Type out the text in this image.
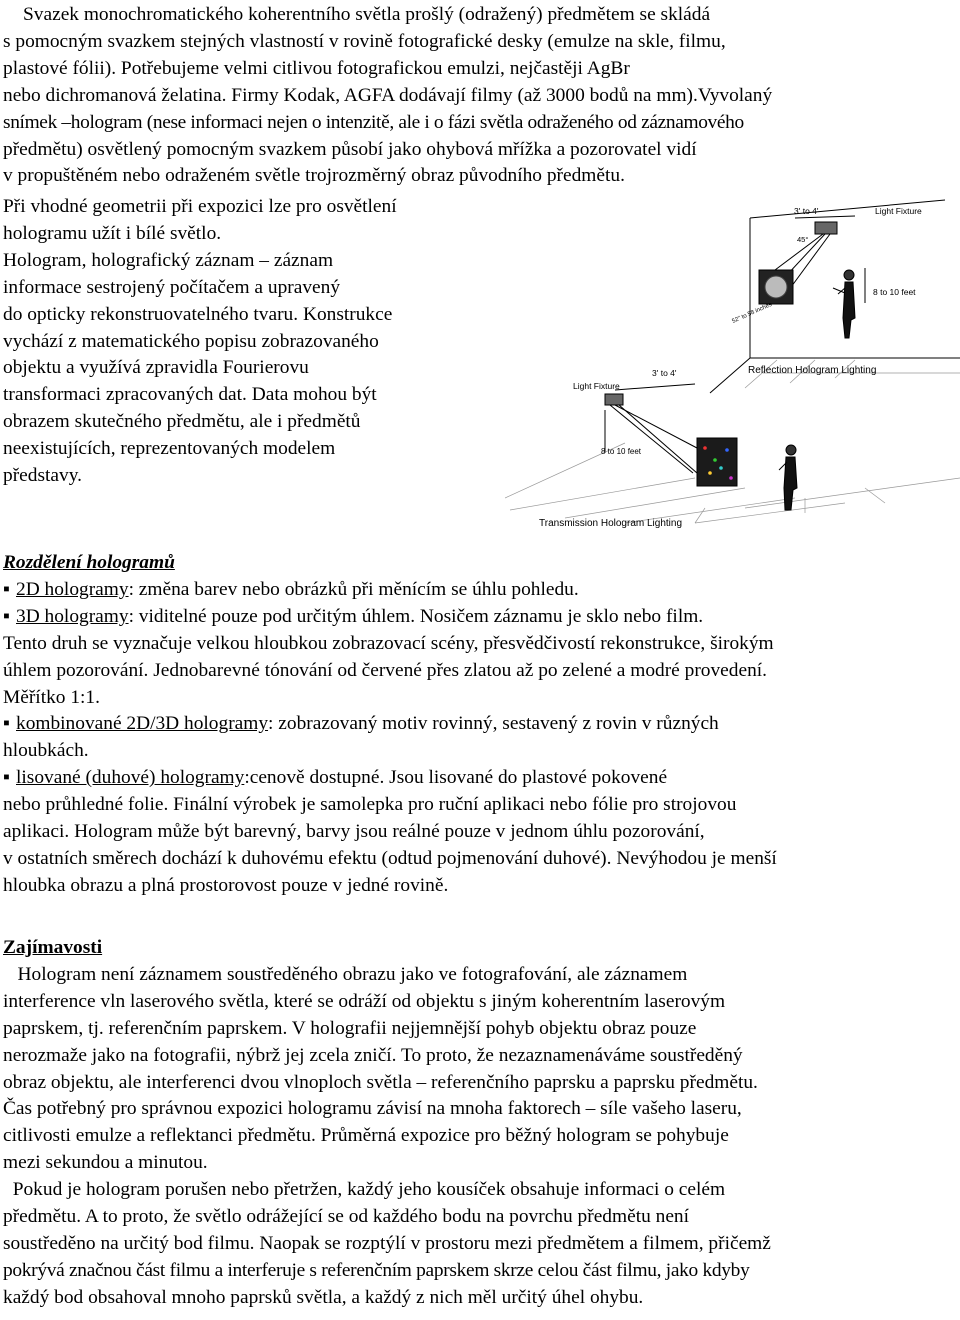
Svazek monochromatického koherentního světla prošlý (odražený) předmětem se skládá
s pomocným svazkem stejných vlastností v rovině fotografické desky (emulze na skle, filmu,
plastové fólii). Potřebujeme velmi citlivou fotografickou emulzi, nejčastěji AgBr
nebo dichromanová želatina. Firmy Kodak, AGFA dodávají filmy (až 3000 bodů na mm).Vyvolaný
snímek –hologram (nese informaci nejen o intenzitě, ale i o fázi světla odraženého od záznamového
předmětu) osvětlený pomocným svazkem působí jako ohybová mřížka a pozorovatel vidí
v propuštěném nebo odraženém světle trojrozměrný obraz původního předmětu.
Při vhodné geometrii při expozici lze pro osvětlení
hologramu užít i bílé světlo.
Hologram, holografický záznam – záznam
informace sestrojený počítačem a upravený
do opticky rekonstruovatelného tvaru. Konstrukce
vychází z matematického popisu zobrazovaného
objektu a využívá zpravidla Fourierovu
transformaci zpracovaných dat. Data mohou být
obrazem skutečného předmětu, ale i předmětů
neexistujících, reprezentovaných modelem
představy.
3' to 4'	Light Fixture
45°
8 to 10 feet
52" to 58 inches
Reflection Hologram Lighting
3' to 4'
Light Fixture
8 to 10 feet
Transmission Hologram Lighting
Rozdělení hologramů
▪ 2D hologramy: změna barev nebo obrázků při měnícím se úhlu pohledu.
▪ 3D hologramy: viditelné pouze pod určitým úhlem. Nosičem záznamu je sklo nebo film.
Tento druh se vyznačuje velkou hloubkou zobrazovací scény, přesvědčivostí rekonstrukce, širokým
úhlem pozorování. Jednobarevné tónování od červené přes zlatou až po zelené a modré provedení.
Měřítko 1:1.
▪ kombinované 2D/3D hologramy: zobrazovaný motiv rovinný, sestavený z rovin v různých
hloubkách.
▪ lisované (duhové) hologramy:cenově dostupné. Jsou lisované do plastové pokovené
nebo průhledné folie. Finální výrobek je samolepka pro ruční aplikaci nebo fólie pro strojovou
aplikaci. Hologram může být barevný, barvy jsou reálné pouze v jednom úhlu pozorování,
v ostatních směrech dochází k duhovému efektu (odtud pojmenování duhové). Nevýhodou je menší
hloubka obrazu a plná prostorovost pouze v jedné rovině.
Zajímavosti
Hologram není záznamem soustředěného obrazu jako ve fotografování, ale záznamem
interference vln laserového světla, které se odráží od objektu s jiným koherentním laserovým
paprskem, tj. referenčním paprskem. V holografii nejjemnější pohyb objektu obraz pouze
nerozmaže jako na fotografii, nýbrž jej zcela zničí. To proto, že nezaznamenáváme soustředěný
obraz objektu, ale interferenci dvou vlnoploch světla – referenčního paprsku a paprsku předmětu.
Čas potřebný pro správnou expozici hologramu závisí na mnoha faktorech – síle vašeho laseru,
citlivosti emulze a reflektanci předmětu. Průměrná expozice pro běžný hologram se pohybuje
mezi sekundou a minutou.
Pokud je hologram porušen nebo přetržen, každý jeho kousíček obsahuje informaci o celém
předmětu. A to proto, že světlo odrážející se od každého bodu na povrchu předmětu není
soustředěno na určitý bod filmu. Naopak se rozptýlí v prostoru mezi předmětem a filmem, přičemž
pokrývá značnou část filmu a interferuje s referenčním paprskem skrze celou část filmu, jako kdyby
každý bod obsahoval mnoho paprsků světla, a každý z nich měl určitý úhel ohybu.
